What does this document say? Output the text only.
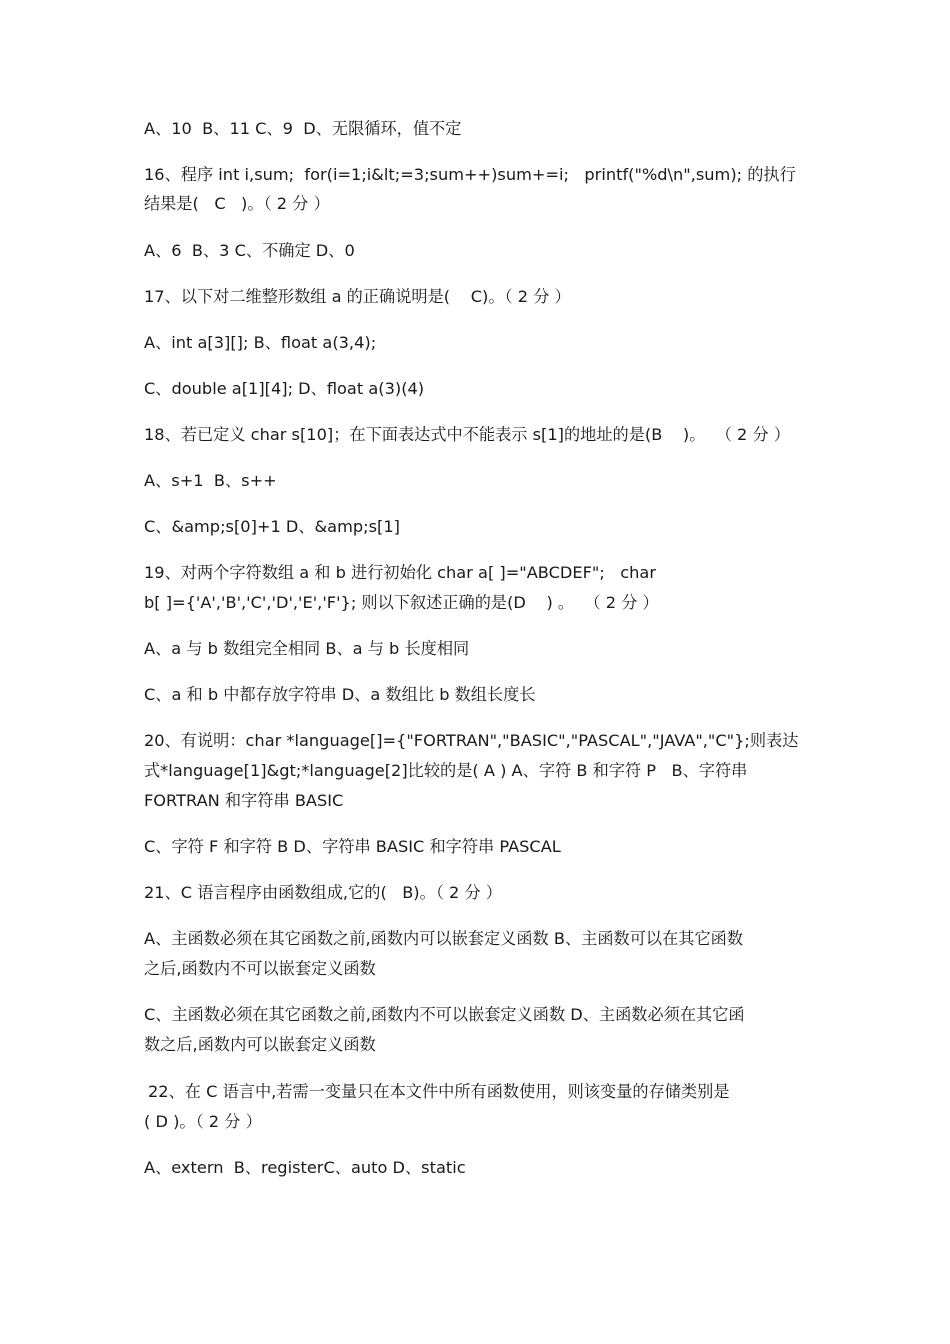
A、10  B、11 C、9  D、无限循环，值不定
16、程序 int i,sum;  for(i=1;i&lt;=3;sum++)sum+=i;   printf("%d\n",sum); 的执行
结果是(   C   )。（ 2 分 ）
A、6  B、3 C、不确定 D、0
17、以下对二维整形数组 a 的正确说明是(    C)。（ 2 分 ）
A、int a[3][]; B、float a(3,4);
C、double a[1][4]; D、float a(3)(4)
18、若已定义 char s[10]；在下面表达式中不能表示 s[1]的地址的是(B    )。  （ 2 分 ）
A、s+1  B、s++
C、&amp;s[0]+1 D、&amp;s[1]
19、对两个字符数组 a 和 b 进行初始化 char a[ ]="ABCDEF";   char
b[ ]={'A','B','C','D','E','F'}; 则以下叙述正确的是(D    ) 。  （ 2 分 ）
A、a 与 b 数组完全相同 B、a 与 b 长度相同
C、a 和 b 中都存放字符串 D、a 数组比 b 数组长度长
20、有说明：char *language[]={"FORTRAN","BASIC","PASCAL","JAVA","C"};则表达
式*language[1]&gt;*language[2]比较的是( A ) A、字符 B 和字符 P   B、字符串
FORTRAN 和字符串 BASIC
C、字符 F 和字符 B D、字符串 BASIC 和字符串 PASCAL
21、C 语言程序由函数组成,它的(   B)。（ 2 分 ）
A、主函数必须在其它函数之前,函数内可以嵌套定义函数 B、主函数可以在其它函数
之后,函数内不可以嵌套定义函数
C、主函数必须在其它函数之前,函数内不可以嵌套定义函数 D、主函数必须在其它函
数之后,函数内可以嵌套定义函数
22、在 C 语言中,若需一变量只在本文件中所有函数使用，则该变量的存储类别是
( D )。（ 2 分 ）
A、extern  B、registerC、auto D、static
